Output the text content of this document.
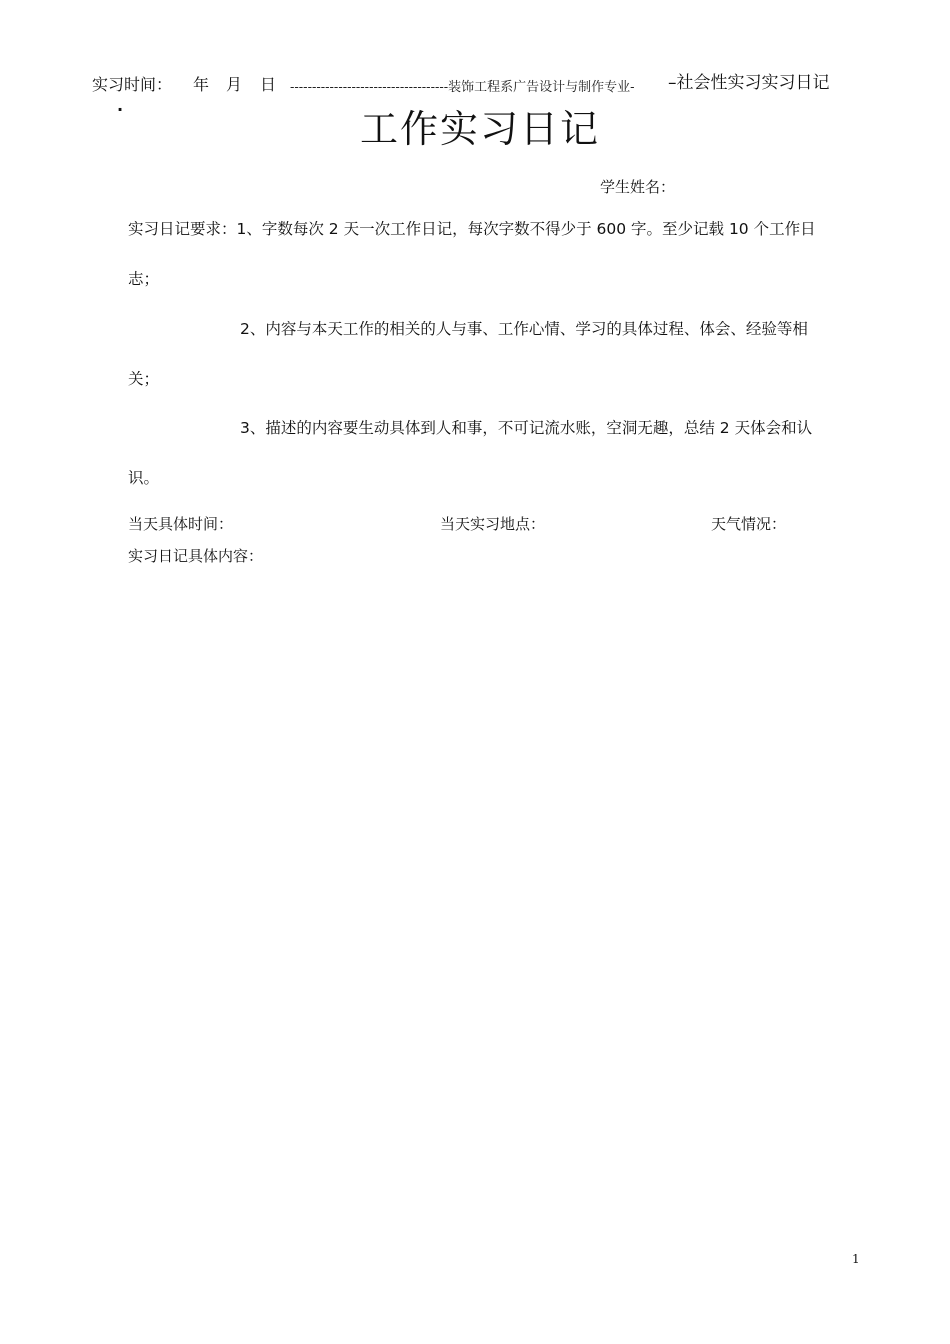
实习时间： 年 月 日 ------------------------------------装饰工程系广告设计与制作专业- –社会性实习实习日记
·	工作实习日记
学生姓名：
实习日记要求：1、字数每次 2 天一次工作日记，每次字数不得少于 600 字。至少记载 10 个工作日
志；
2、内容与本天工作的相关的人与事、工作心情、学习的具体过程、体会、经验等相
关；
3、描述的内容要生动具体到人和事，不可记流水账，空洞无趣，总结 2 天体会和认
识。
当天具体时间：	当天实习地点：	天气情况：
实习日记具体内容：
1
